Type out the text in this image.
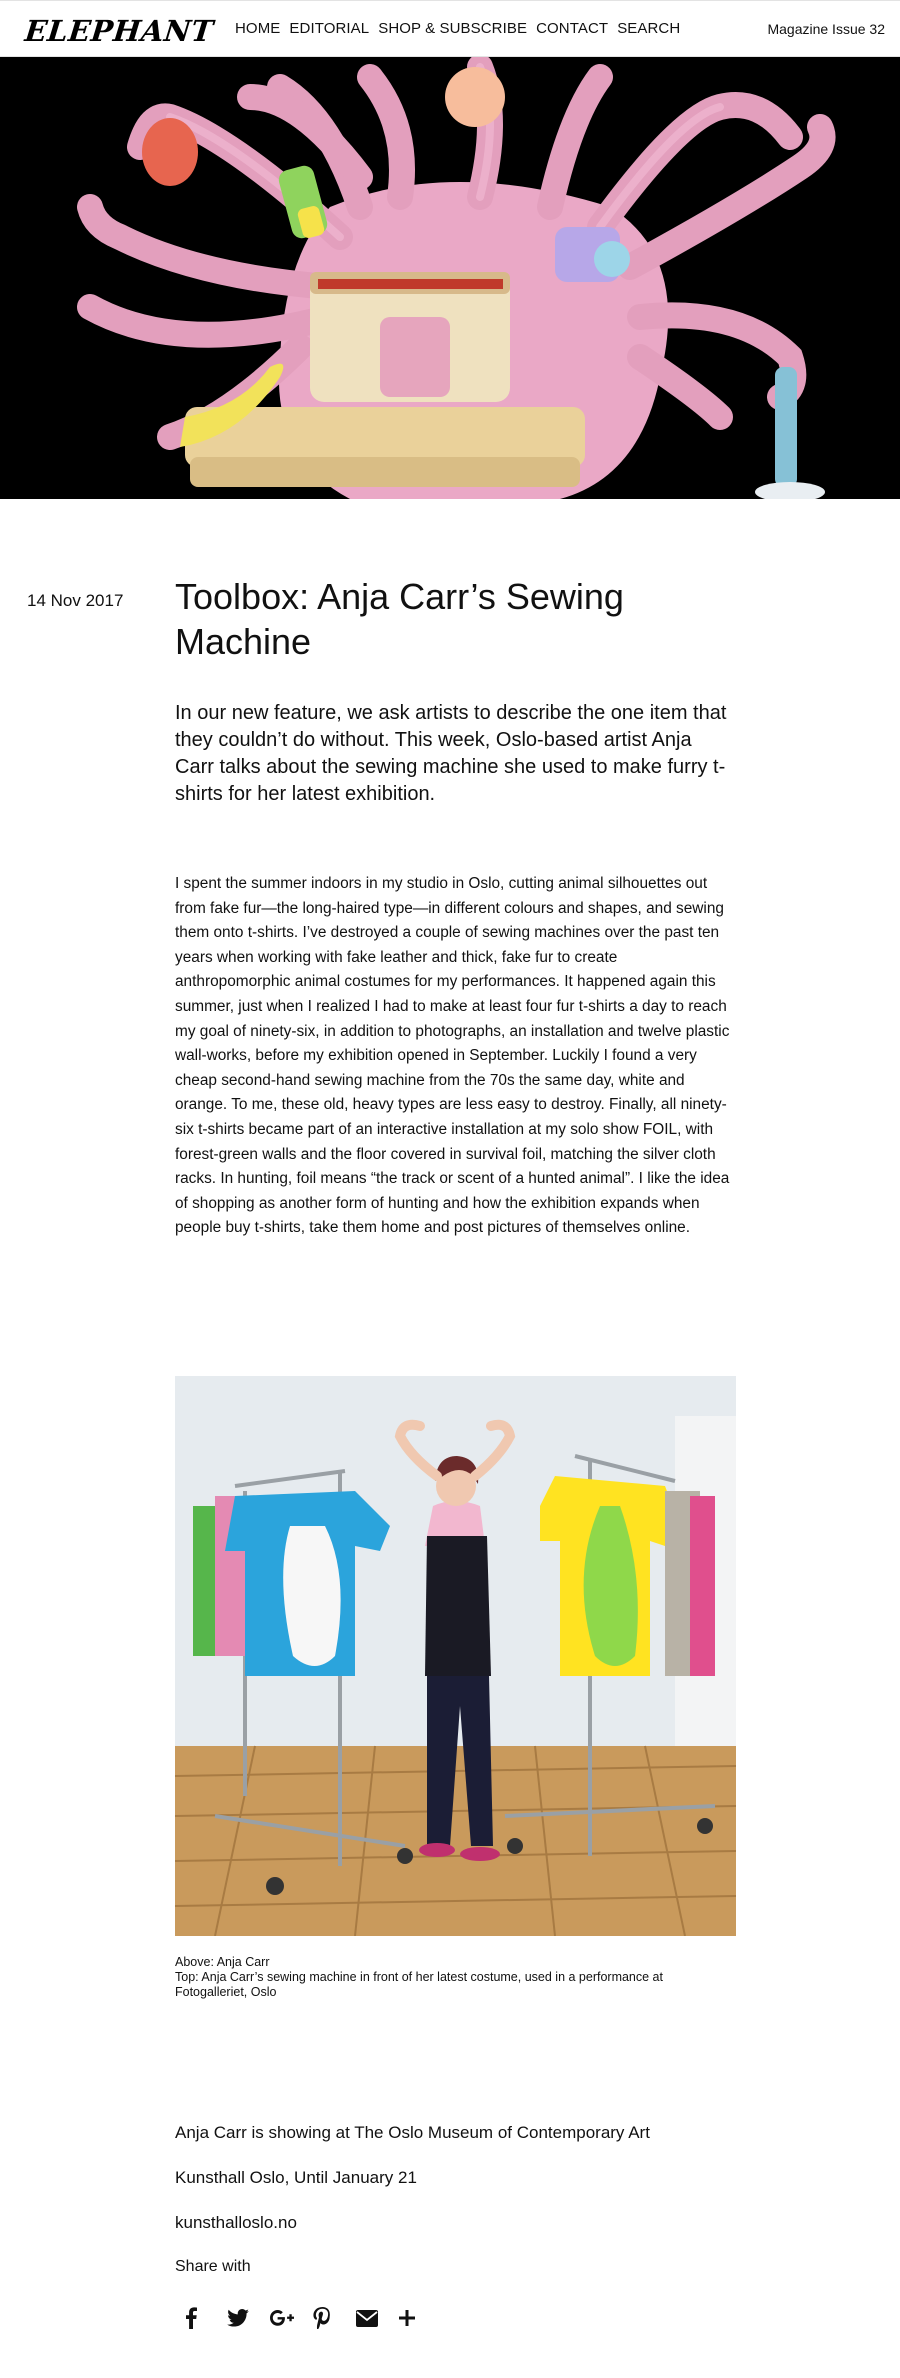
ELEPHANT HOME EDITORIAL SHOP & SUBSCRIBE CONTACT SEARCH	Magazine Issue 32
14 Nov 2017 Toolbox: Anja Carr’s Sewing Machine

In our new feature, we ask artists to describe the one item that they couldn’t do without. This week, Oslo-based artist Anja Carr talks about the sewing machine she used to make furry t-shirts for her latest exhibition.

I spent the summer indoors in my studio in Oslo, cutting animal silhouettes out from fake fur—the long-haired type—in different colours and shapes, and sewing them onto t-shirts. I’ve destroyed a couple of sewing machines over the past ten years when working with fake leather and thick, fake fur to create anthropomorphic animal costumes for my performances. It happened again this summer, just when I realized I had to make at least four fur t-shirts a day to reach my goal of ninety-six, in addition to photographs, an installation and twelve plastic wall-works, before my exhibition opened in September. Luckily I found a very cheap second-hand sewing machine from the 70s the same day, white and orange. To me, these old, heavy types are less easy to destroy. Finally, all ninety-six t-shirts became part of an interactive installation at my solo show FOIL, with forest-green walls and the floor covered in survival foil, matching the silver cloth racks. In hunting, foil means “the track or scent of a hunted animal”. I like the idea of shopping as another form of hunting and how the exhibition expands when people buy t-shirts, take them home and post pictures of themselves online.

Above: Anja Carr
Top: Anja Carr’s sewing machine in front of her latest costume, used in a performance at Fotogalleriet, Oslo
Anja Carr is showing at The Oslo Museum of Contemporary Art
Kunsthall Oslo, Until January 21
kunsthalloslo.no
Share with
